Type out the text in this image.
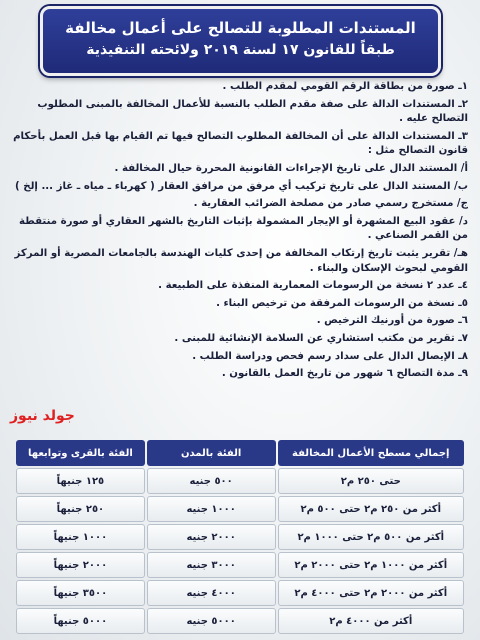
المستندات المطلوبة للتصالح على أعمال مخالفة
طبقاً للقانون ١٧ لسنة ٢٠١٩ ولائحته التنفيذية
١ـ صورة من بطاقة الرقم القومي لمقدم الطلب .
٢ـ المستندات الدالة على صفة مقدم الطلب بالنسبة للأعمال المخالفة بالمبنى المطلوب التصالح عليه .
٣ـ المستندات الدالة على أن المخالفة المطلوب التصالح فيها تم القيام بها قبل العمل بأحكام قانون التصالح مثل :
أ/ المستند الدال على تاريخ الإجراءات القانونية المحررة حيال المخالفة .
ب/ المستند الدال على تاريخ تركيب أي مرفق من مرافق العقار ( كهرباء ـ مياه ـ غاز ... إلخ )
ج/ مستخرج رسمي صادر من مصلحة الضرائب العقارية .
د/ عقود البيع المشهرة أو الإيجار المشمولة بإثبات التاريخ بالشهر العقاري أو صورة منتقطة من القمر الصناعي .
هـ/ تقرير يثبت تاريخ إرتكاب المخالفة من إحدى كليات الهندسة بالجامعات المصرية أو المركز القومي لبحوث الإسكان والبناء .
٤ـ عدد ٢ نسخة من الرسومات المعمارية المنفذة على الطبيعة .
٥ـ نسخة من الرسومات المرفقة من ترخيص البناء .
٦ـ صورة من أورنيك الترخيص .
٧ـ تقرير من مكتب استشاري عن السلامة الإنشائية للمبنى .
٨ـ الإيصال الدال على سداد رسم فحص ودراسة الطلب .
٩ـ مدة التصالح ٦ شهور من تاريخ العمل بالقانون .
جولد نيوز
إجمالي مسطح الأعمال المخالفة	الفئة بالمدن	الفئة بالقرى وتوابعها
حتى ٢٥٠ م٢	٥٠٠ جنيه	١٢٥ جنيهاً
أكثر من ٢٥٠ م٢ حتى ٥٠٠ م٢	١٠٠٠ جنيه	٢٥٠ جنيهاً
أكثر من ٥٠٠ م٢ حتى ١٠٠٠ م٢	٢٠٠٠ جنيه	١٠٠٠ جنيهاً
أكثر من ١٠٠٠ م٢ حتى ٢٠٠٠ م٢	٣٠٠٠ جنيه	٢٠٠٠ جنيهاً
أكثر من ٢٠٠٠ م٢ حتى ٤٠٠٠ م٢	٤٠٠٠ جنيه	٣٥٠٠ جنيهاً
أكثر من ٤٠٠٠ م٢	٥٠٠٠ جنيه	٥٠٠٠ جنيهاً
